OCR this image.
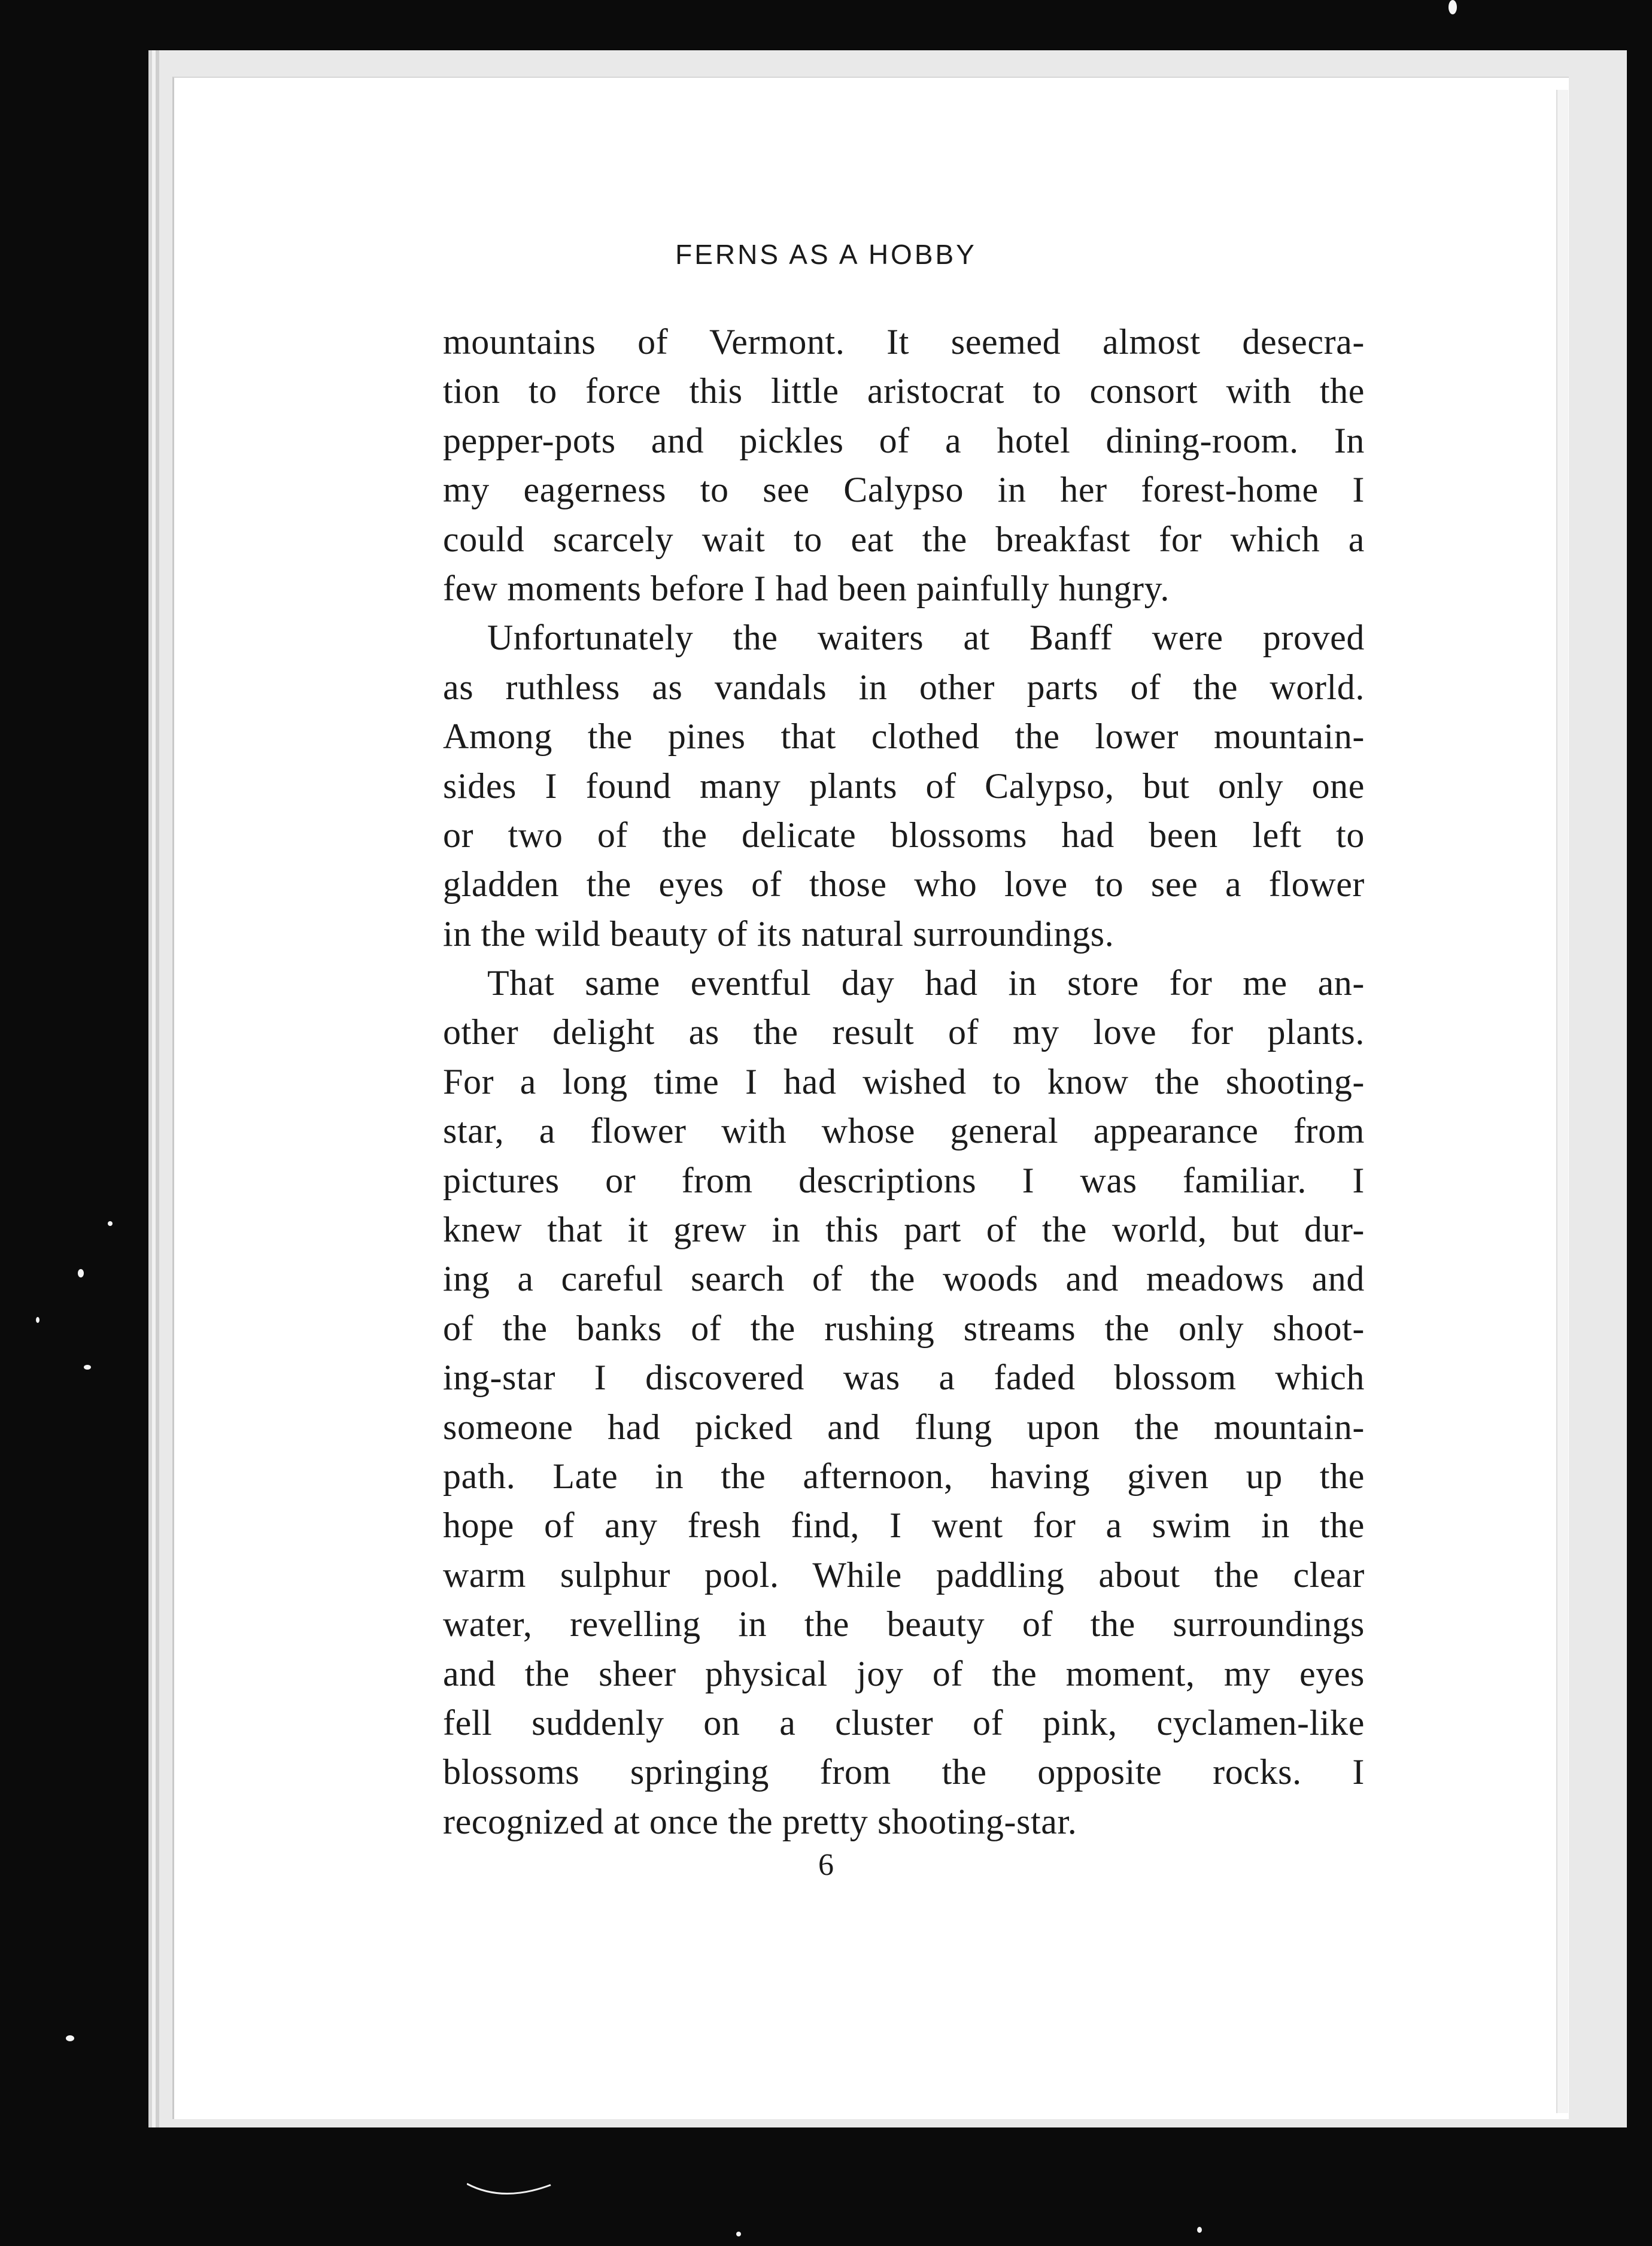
FERNS AS A HOBBY
mountains of Vermont. It seemed almost desecra-
tion to force this little aristocrat to consort with the
pepper-pots and pickles of a hotel dining-room. In
my eagerness to see Calypso in her forest-home I
could scarcely wait to eat the breakfast for which a
few moments before I had been painfully hungry.
Unfortunately the waiters at Banff were proved
as ruthless as vandals in other parts of the world.
Among the pines that clothed the lower mountain-
sides I found many plants of Calypso, but only one
or two of the delicate blossoms had been left to
gladden the eyes of those who love to see a flower
in the wild beauty of its natural surroundings.
That same eventful day had in store for me an-
other delight as the result of my love for plants.
For a long time I had wished to know the shooting-
star, a flower with whose general appearance from
pictures or from descriptions I was familiar. I
knew that it grew in this part of the world, but dur-
ing a careful search of the woods and meadows and
of the banks of the rushing streams the only shoot-
ing-star I discovered was a faded blossom which
someone had picked and flung upon the mountain-
path. Late in the afternoon, having given up the
hope of any fresh find, I went for a swim in the
warm sulphur pool. While paddling about the clear
water, revelling in the beauty of the surroundings
and the sheer physical joy of the moment, my eyes
fell suddenly on a cluster of pink, cyclamen-like
blossoms springing from the opposite rocks. I
recognized at once the pretty shooting-star.
6
